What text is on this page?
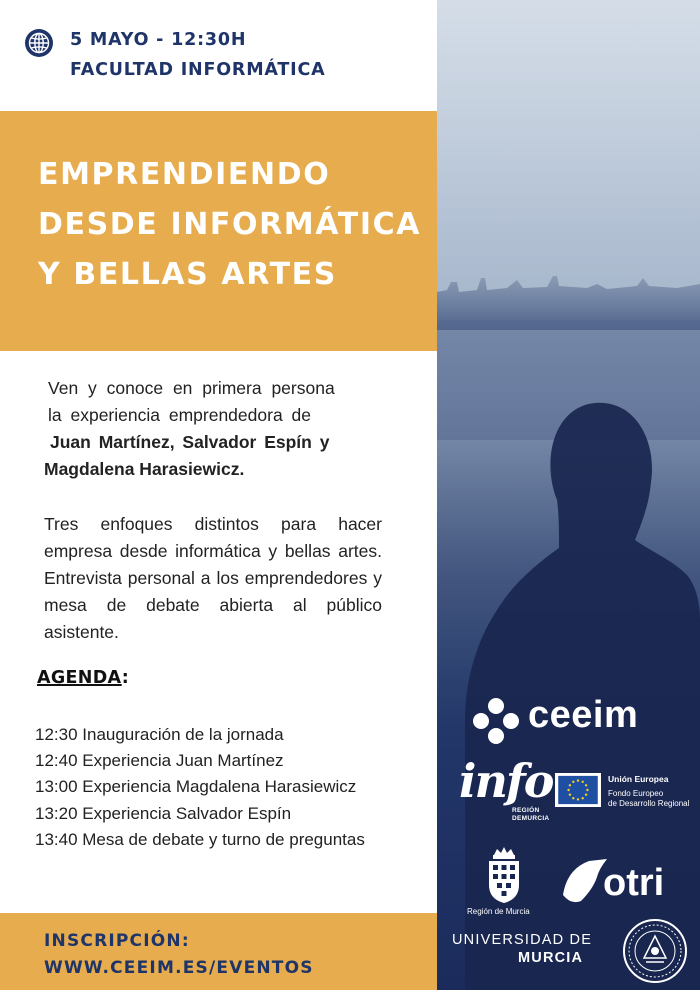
5 MAYO - 12:30H
FACULTAD INFORMÁTICA
EMPRENDIENDO
DESDE INFORMÁTICA
Y BELLAS ARTES
Ven y conoce en primera persona
la experiencia emprendedora de
Juan Martínez, Salvador Espín y
Magdalena Harasiewicz.

Tres enfoques distintos para hacer empresa desde informática y bellas artes. Entrevista personal a los emprendedores y mesa de debate abierta al público asistente.

AGENDA:
12:30 Inauguración de la jornada
12:40 Experiencia Juan Martínez
13:00 Experiencia Magdalena Harasiewicz
13:20 Experiencia Salvador Espín
13:40 Mesa de debate y turno de preguntas
INSCRIPCIÓN:
WWW.CEEIM.ES/EVENTOS
ceeim
info
REGIÓN
DEMURCIA
Unión Europea
Fondo Europeo
de Desarrollo Regional
Región de Murcia
otri
UNIVERSIDAD DE
MURCIA
